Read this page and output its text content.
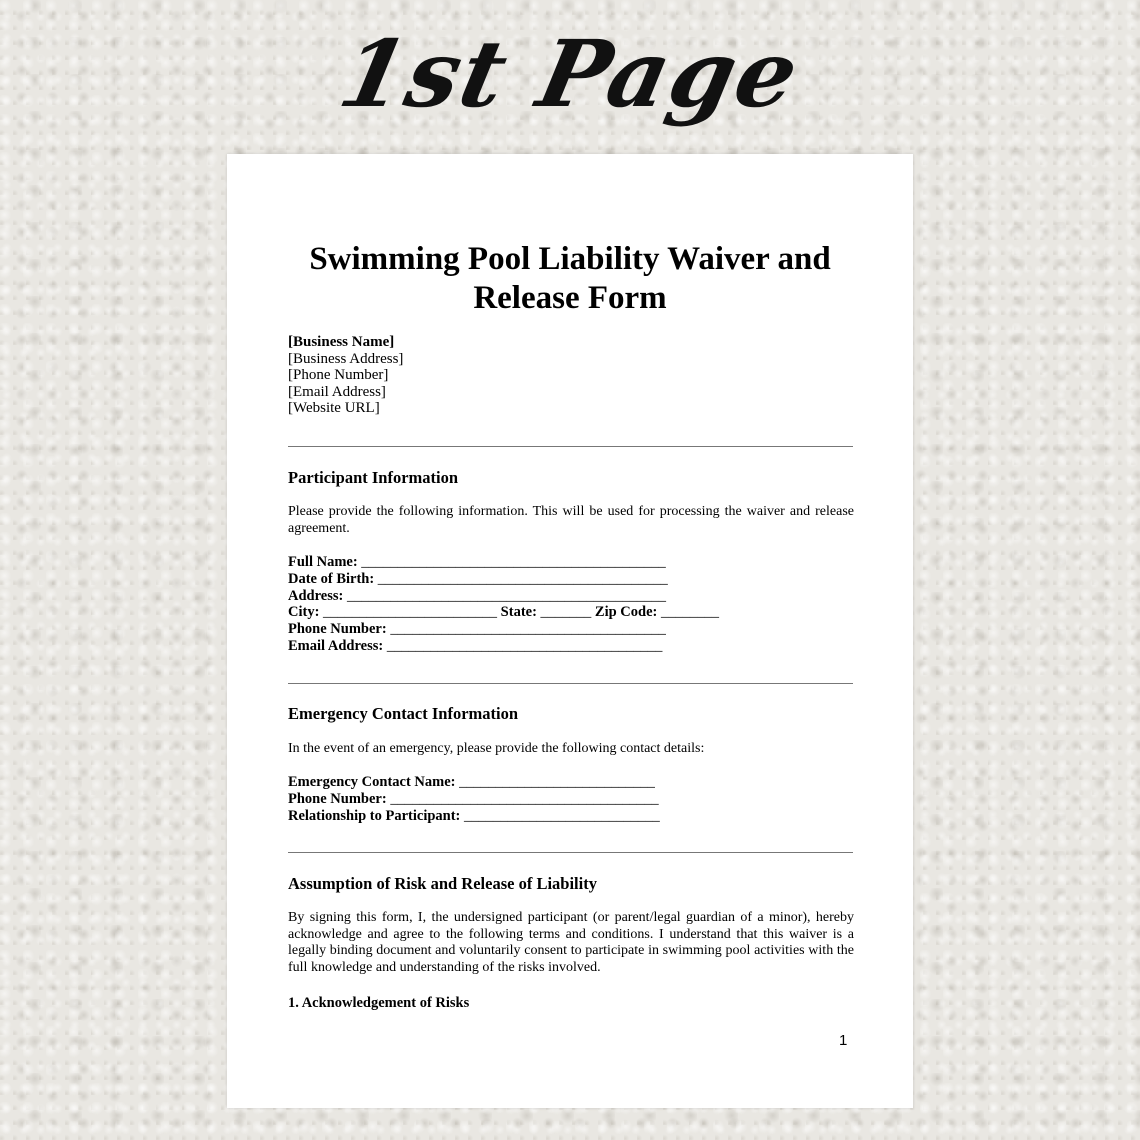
1st Page
Swimming Pool Liability Waiver and
Release Form
[Business Name]
[Business Address]
[Phone Number]
[Email Address]
[Website URL]
Participant Information
Please provide the following information. This will be used for processing the waiver and release agreement.
Full Name: __________________________________________
Date of Birth: ________________________________________
Address: ____________________________________________
City: ________________________ State: _______ Zip Code: ________
Phone Number: ______________________________________
Email Address: ______________________________________
Emergency Contact Information
In the event of an emergency, please provide the following contact details:
Emergency Contact Name: ___________________________
Phone Number: _____________________________________
Relationship to Participant: ___________________________
Assumption of Risk and Release of Liability
By signing this form, I, the undersigned participant (or parent/legal guardian of a minor), hereby acknowledge and agree to the following terms and conditions. I understand that this waiver is a legally binding document and voluntarily consent to participate in swimming pool activities with the full knowledge and understanding of the risks involved.
1. Acknowledgement of Risks
1
